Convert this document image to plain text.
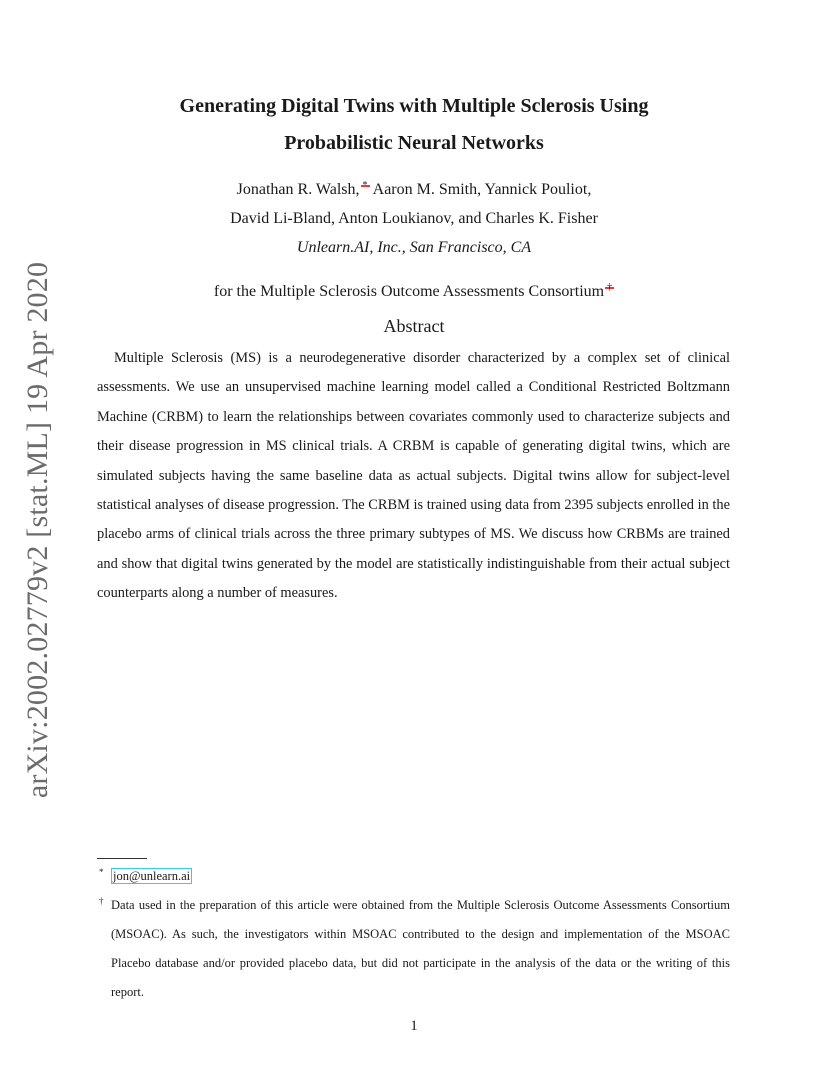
arXiv:2002.02779v2 [stat.ML] 19 Apr 2020
Generating Digital Twins with Multiple Sclerosis Using
Probabilistic Neural Networks
Jonathan R. Walsh, * Aaron M. Smith, Yannick Pouliot,
David Li-Bland, Anton Loukianov, and Charles K. Fisher
Unlearn.AI, Inc., San Francisco, CA
for the Multiple Sclerosis Outcome Assessments Consortium †
Abstract

Multiple Sclerosis (MS) is a neurodegenerative disorder characterized by a complex set of clinical assessments. We use an unsupervised machine learning model called a Conditional Restricted Boltzmann Machine (CRBM) to learn the relationships between covariates commonly used to characterize subjects and their disease progression in MS clinical trials. A CRBM is capable of generating digital twins, which are simulated subjects having the same baseline data as actual subjects. Digital twins allow for subject-level statistical analyses of disease progression. The CRBM is trained using data from 2395 subjects enrolled in the placebo arms of clinical trials across the three primary subtypes of MS. We discuss how CRBMs are trained and show that digital twins generated by the model are statistically indistinguishable from their actual subject counterparts along a number of measures.

* jon@unlearn.ai
† Data used in the preparation of this article were obtained from the Multiple Sclerosis Outcome Assessments Consortium (MSOAC). As such, the investigators within MSOAC contributed to the design and implementation of the MSOAC Placebo database and/or provided placebo data, but did not participate in the analysis of the data or the writing of this report.
1
